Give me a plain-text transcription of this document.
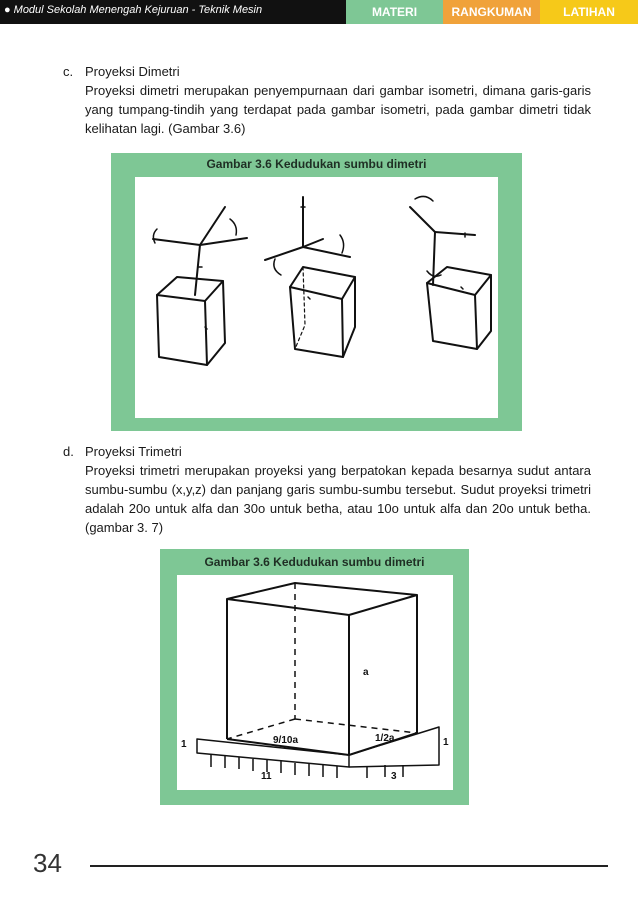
● Modul Sekolah Menengah Kejuruan - Teknik Mesin	MATERI	RANGKUMAN	LATIHAN
c. Proyeksi Dimetri
Proyeksi dimetri merupakan penyempurnaan dari gambar isometri, dimana garis-garis yang tumpang-tindih yang terdapat pada gambar isometri, pada gambar dimetri tidak kelihatan lagi. (Gambar 3.6)
Gambar 3.6 Kedudukan sumbu dimetri
d. Proyeksi Trimetri
Proyeksi trimetri merupakan proyeksi yang berpatokan kepada besarnya sudut antara sumbu-sumbu (x,y,z) dan panjang garis sumbu-sumbu tersebut. Sudut proyeksi trimetri adalah 20o untuk alfa dan 30o untuk betha, atau 10o untuk alfa dan 20o untuk betha. (gambar 3. 7)
Gambar 3.6 Kedudukan sumbu dimetri
a
9/10a	1/2a
1	1
11	3
34
